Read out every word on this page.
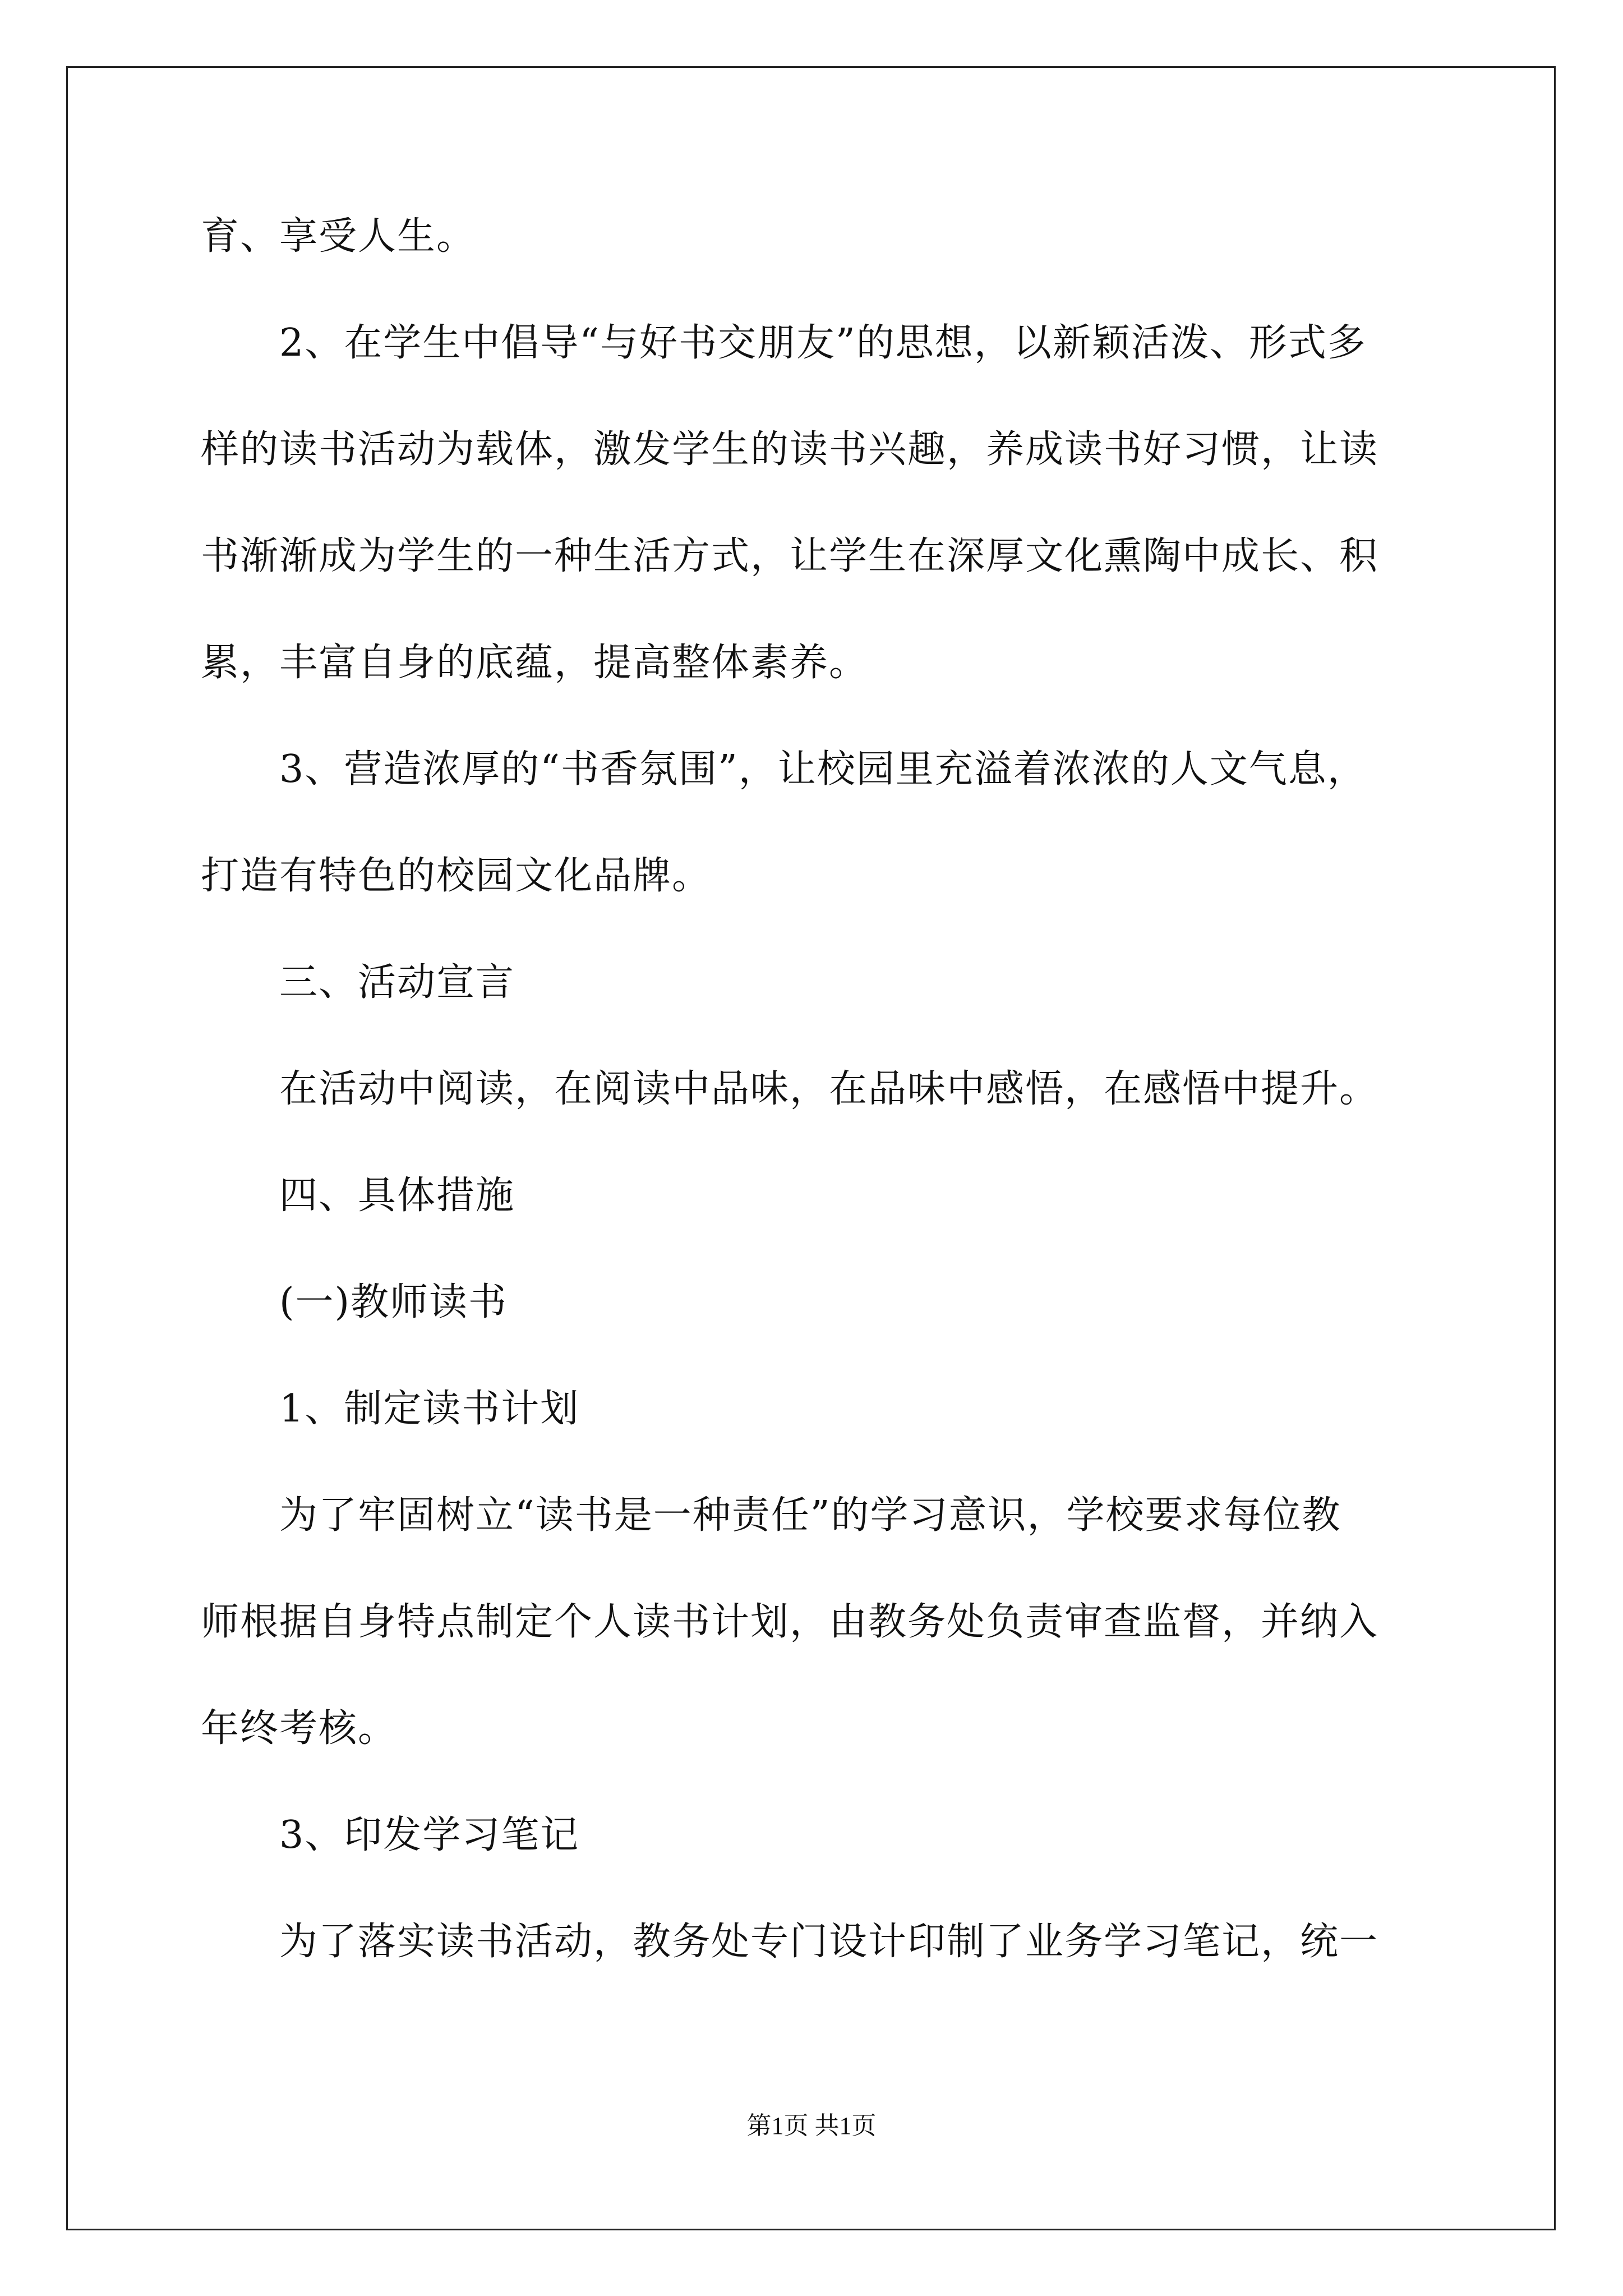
育、享受人生。
2、在学生中倡导“与好书交朋友”的思想，以新颖活泼、形式多
样的读书活动为载体，激发学生的读书兴趣，养成读书好习惯，让读
书渐渐成为学生的一种生活方式，让学生在深厚文化熏陶中成长、积
累，丰富自身的底蕴，提高整体素养。
3、营造浓厚的“书香氛围”，让校园里充溢着浓浓的人文气息，
打造有特色的校园文化品牌。
三、活动宣言
在活动中阅读，在阅读中品味，在品味中感悟，在感悟中提升。
四、具体措施
(一)教师读书
1、制定读书计划
为了牢固树立“读书是一种责任”的学习意识，学校要求每位教
师根据自身特点制定个人读书计划，由教务处负责审查监督，并纳入
年终考核。
3、印发学习笔记
为了落实读书活动，教务处专门设计印制了业务学习笔记，统一
第1页 共1页
